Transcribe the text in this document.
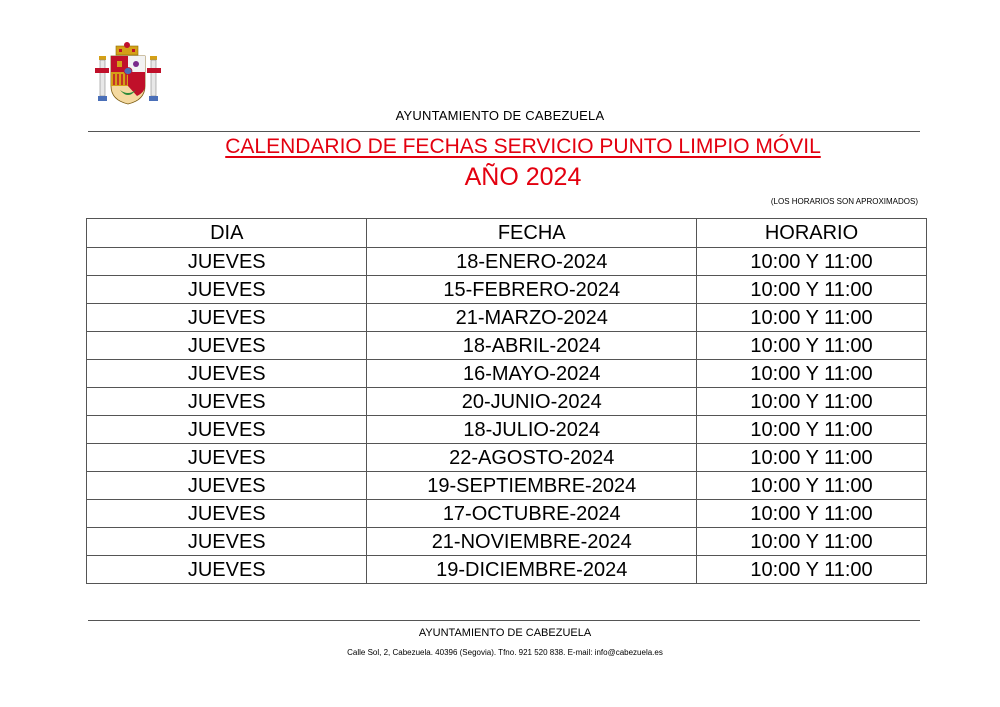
AYUNTAMIENTO DE CABEZUELA
CALENDARIO DE FECHAS SERVICIO PUNTO LIMPIO MÓVIL
AÑO 2024
(LOS HORARIOS SON APROXIMADOS)
DIA	FECHA	HORARIO
JUEVES	18-ENERO-2024	10:00 Y 11:00
JUEVES	15-FEBRERO-2024	10:00 Y 11:00
JUEVES	21-MARZO-2024	10:00 Y 11:00
JUEVES	18-ABRIL-2024	10:00 Y 11:00
JUEVES	16-MAYO-2024	10:00 Y 11:00
JUEVES	20-JUNIO-2024	10:00 Y 11:00
JUEVES	18-JULIO-2024	10:00 Y 11:00
JUEVES	22-AGOSTO-2024	10:00 Y 11:00
JUEVES	19-SEPTIEMBRE-2024	10:00 Y 11:00
JUEVES	17-OCTUBRE-2024	10:00 Y 11:00
JUEVES	21-NOVIEMBRE-2024	10:00 Y 11:00
JUEVES	19-DICIEMBRE-2024	10:00 Y 11:00
AYUNTAMIENTO DE CABEZUELA
Calle Sol, 2, Cabezuela. 40396 (Segovia). Tfno. 921 520 838. E-mail: info@cabezuela.es
